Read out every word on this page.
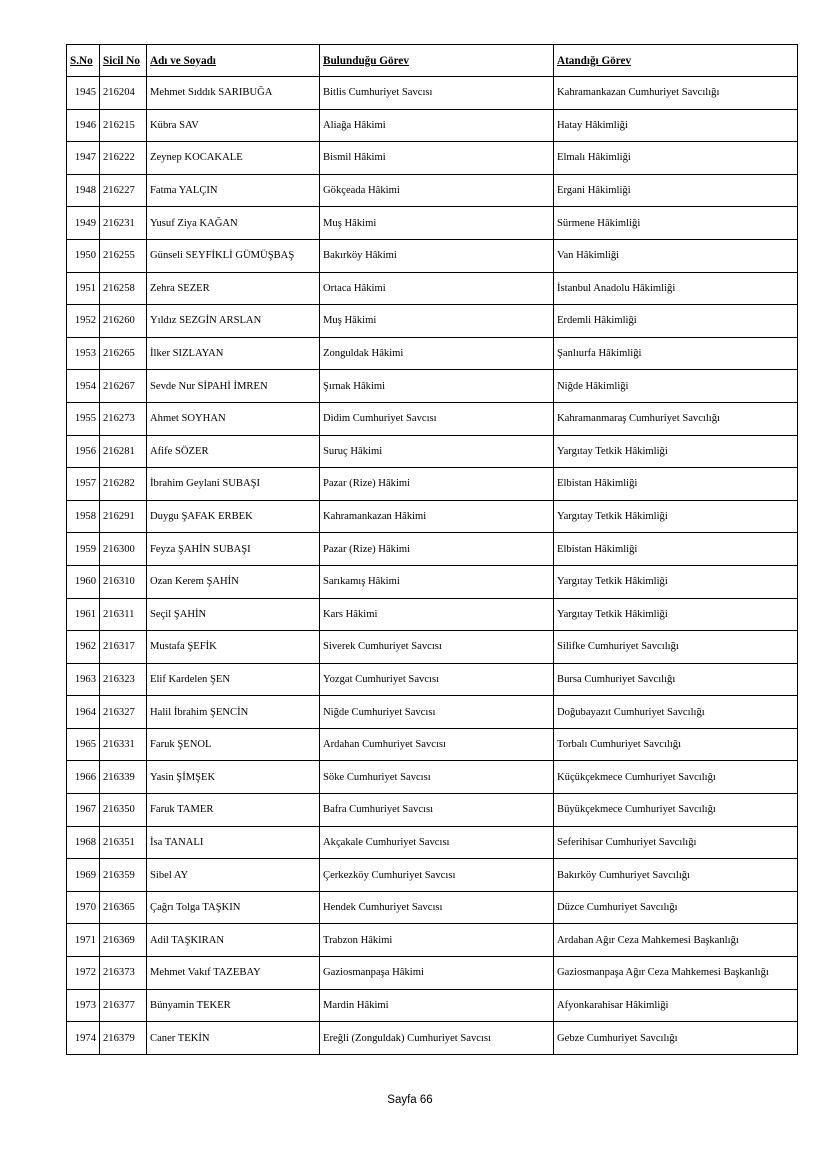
S.No	Sicil No	Adı ve Soyadı	Bulunduğu Görev	Atandığı Görev
1945	216204	Mehmet Sıddık SARIBUĞA	Bitlis Cumhuriyet Savcısı	Kahramankazan Cumhuriyet Savcılığı
1946	216215	Kübra SAV	Aliağa Hâkimi	Hatay Hâkimliği
1947	216222	Zeynep KOCAKALE	Bismil Hâkimi	Elmalı Hâkimliği
1948	216227	Fatma YALÇIN	Gökçeada Hâkimi	Ergani Hâkimliği
1949	216231	Yusuf Ziya KAĞAN	Muş Hâkimi	Sürmene Hâkimliği
1950	216255	Günseli SEYFİKLİ GÜMÜŞBAŞ	Bakırköy Hâkimi	Van Hâkimliği
1951	216258	Zehra SEZER	Ortaca Hâkimi	İstanbul Anadolu Hâkimliği
1952	216260	Yıldız SEZGİN ARSLAN	Muş Hâkimi	Erdemli Hâkimliği
1953	216265	İlker SIZLAYAN	Zonguldak Hâkimi	Şanlıurfa Hâkimliği
1954	216267	Sevde Nur SİPAHİ İMREN	Şırnak Hâkimi	Niğde Hâkimliği
1955	216273	Ahmet SOYHAN	Didim Cumhuriyet Savcısı	Kahramanmaraş Cumhuriyet Savcılığı
1956	216281	Afife SÖZER	Suruç Hâkimi	Yargıtay Tetkik Hâkimliği
1957	216282	İbrahim Geylani SUBAŞI	Pazar (Rize) Hâkimi	Elbistan Hâkimliği
1958	216291	Duygu ŞAFAK ERBEK	Kahramankazan Hâkimi	Yargıtay Tetkik Hâkimliği
1959	216300	Feyza ŞAHİN SUBAŞI	Pazar (Rize) Hâkimi	Elbistan Hâkimliği
1960	216310	Ozan Kerem ŞAHİN	Sarıkamış Hâkimi	Yargıtay Tetkik Hâkimliği
1961	216311	Seçil ŞAHİN	Kars Hâkimi	Yargıtay Tetkik Hâkimliği
1962	216317	Mustafa ŞEFİK	Siverek Cumhuriyet Savcısı	Silifke Cumhuriyet Savcılığı
1963	216323	Elif Kardelen ŞEN	Yozgat Cumhuriyet Savcısı	Bursa Cumhuriyet Savcılığı
1964	216327	Halil İbrahim ŞENCİN	Niğde Cumhuriyet Savcısı	Doğubayazıt Cumhuriyet Savcılığı
1965	216331	Faruk ŞENOL	Ardahan Cumhuriyet Savcısı	Torbalı Cumhuriyet Savcılığı
1966	216339	Yasin ŞİMŞEK	Söke Cumhuriyet Savcısı	Küçükçekmece Cumhuriyet Savcılığı
1967	216350	Faruk TAMER	Bafra Cumhuriyet Savcısı	Büyükçekmece Cumhuriyet Savcılığı
1968	216351	İsa TANALI	Akçakale Cumhuriyet Savcısı	Seferihisar Cumhuriyet Savcılığı
1969	216359	Sibel AY	Çerkezköy Cumhuriyet Savcısı	Bakırköy Cumhuriyet Savcılığı
1970	216365	Çağrı Tolga TAŞKIN	Hendek Cumhuriyet Savcısı	Düzce Cumhuriyet Savcılığı
1971	216369	Adil TAŞKIRAN	Trabzon Hâkimi	Ardahan Ağır Ceza Mahkemesi Başkanlığı
1972	216373	Mehmet Vakıf TAZEBAY	Gaziosmanpaşa Hâkimi	Gaziosmanpaşa Ağır Ceza Mahkemesi Başkanlığı
1973	216377	Bünyamin TEKER	Mardin Hâkimi	Afyonkarahisar Hâkimliği
1974	216379	Caner TEKİN	Ereğli (Zonguldak) Cumhuriyet Savcısı	Gebze Cumhuriyet Savcılığı
Sayfa 66
